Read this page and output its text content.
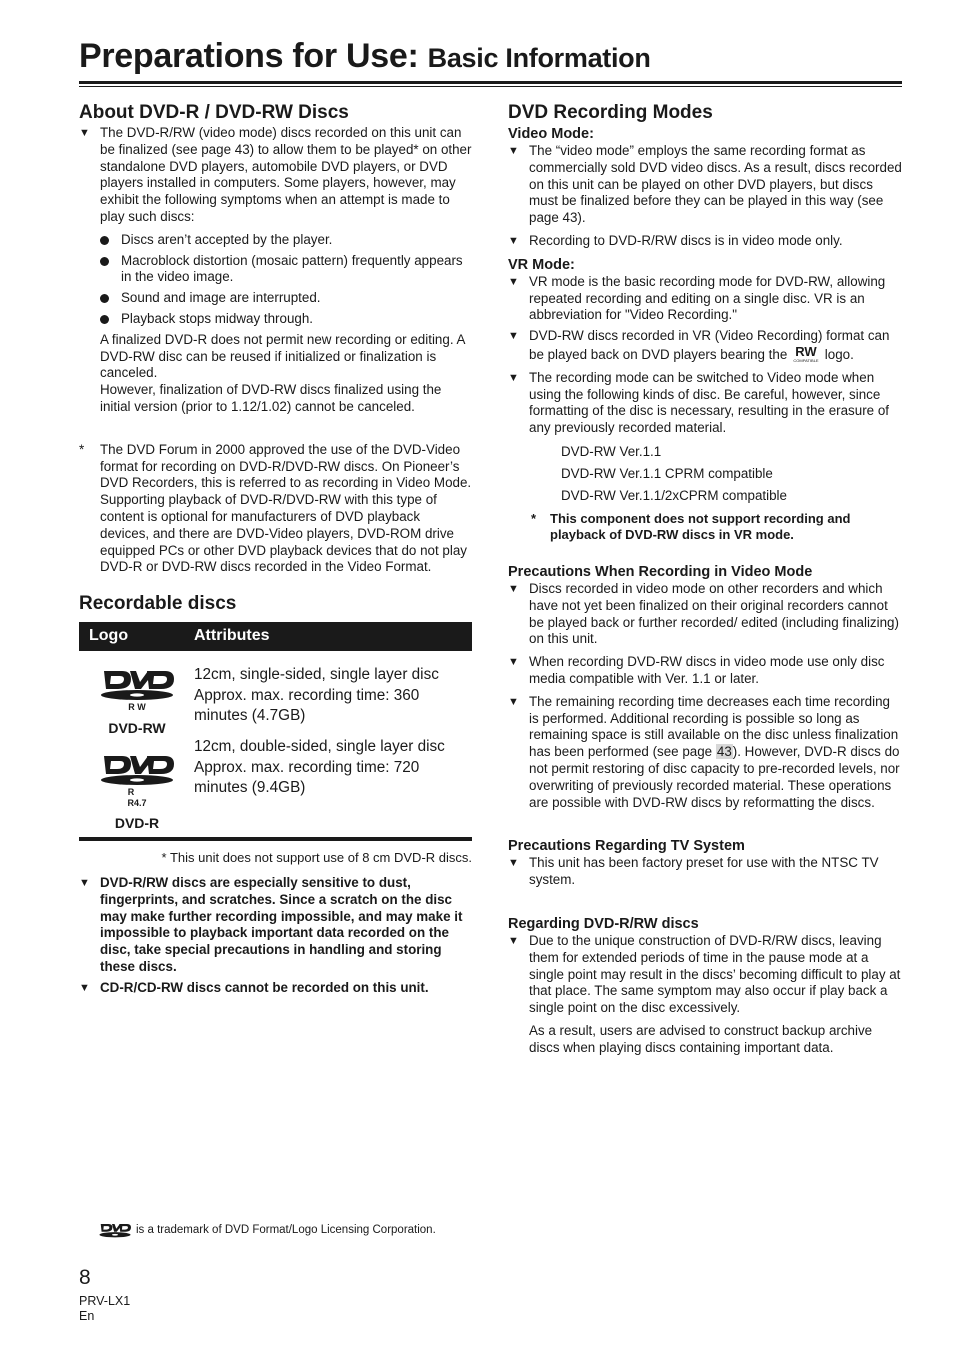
Preparations for Use: Basic Information
About DVD-R / DVD-RW Discs

▼ The DVD-R/RW (video mode) discs recorded on this unit can be finalized (see page 43) to allow them to be played* on other standalone DVD players, automobile DVD players, or DVD players installed in computers. Some players, however, may exhibit the following symptoms when an attempt is made to play such discs:

Discs aren’t accepted by the player.

Macroblock distortion (mosaic pattern) frequently appears in the video image.

Sound and image are interrupted.

Playback stops midway through.

A finalized DVD-R does not permit new recording or editing. A DVD-RW disc can be reused if initialized or finalization is canceled.

However, finalization of DVD-RW discs finalized using the initial version (prior to 1.12/1.02) cannot be canceled.

* The DVD Forum in 2000 approved the use of the DVD-Video format for recording on DVD-R/DVD-RW discs. On Pioneer’s DVD Recorders, this is referred to as recording in Video Mode. Supporting playback of DVD-R/DVD-RW with this type of content is optional for manufacturers of DVD playback devices, and there are DVD-Video players, DVD-ROM drive equipped PCs or other DVD playback devices that do not play DVD-R or DVD-RW discs recorded in the Video Format.

Recordable discs
Logo	Attributes
R W
DVD-RW
R
R4.7
DVD-R
12cm, single-sided, single layer disc Approx. max. recording time: 360 minutes (4.7GB)
12cm, double-sided, single layer disc Approx. max. recording time: 720 minutes (9.4GB)
* This unit does not support use of 8 cm DVD-R discs.

▼ DVD-R/RW discs are especially sensitive to dust, fingerprints, and scratches. Since a scratch on the disc may make further recording impossible, and may make it impossible to playback important data recorded on the disc, take special precautions in handling and storing these discs.

▼ CD-R/CD-RW discs cannot be recorded on this unit.

DVD Recording Modes
Video Mode:

▼ The “video mode” employs the same recording format as commercially sold DVD video discs. As a result, discs recorded on this unit can be played on other DVD players, but discs must be finalized before they can be played in this way (see page 43).

▼ Recording to DVD-R/RW discs is in video mode only.

VR Mode:

▼ VR mode is the basic recording mode for DVD-RW, allowing repeated recording and editing on a single disc. VR is an abbreviation for "Video Recording."

▼ DVD-RW discs recorded in VR (Video Recording) format can be played back on DVD players bearing the RW
COMPATIBLE logo.

▼ The recording mode can be switched to Video mode when using the following kinds of disc. Be careful, however, since formatting of the disc is necessary, resulting in the erasure of any previously recorded material.

DVD-RW Ver.1.1

DVD-RW Ver.1.1 CPRM compatible

DVD-RW Ver.1.1/2xCPRM compatible

* This component does not support recording and playback of DVD-RW discs in VR mode.

Precautions When Recording in Video Mode

▼ Discs recorded in video mode on other recorders and which have not yet been finalized on their original recorders cannot be played back or further recorded/ edited (including finalizing) on this unit.

▼ When recording DVD-RW discs in video mode use only disc media compatible with Ver. 1.1 or later.

▼ The remaining recording time decreases each time recording is performed. Additional recording is possible so long as remaining space is still available on the disc unless finalization has been performed (see page 43). However, DVD-R discs do not permit restoring of disc capacity to pre-recorded levels, nor overwriting of previously recorded material. These operations are possible with DVD-RW discs by reformatting the discs.

Precautions Regarding TV System

▼ This unit has been factory preset for use with the NTSC TV system.

Regarding DVD-R/RW discs

▼ Due to the unique construction of DVD-R/RW discs, leaving them for extended periods of time in the pause mode at a single point may result in the discs’ becoming difficult to play at that place. The same symptom may also occur if play back a single point on the disc excessively.

As a result, users are advised to construct backup archive discs when playing discs containing important data.

is a trademark of DVD Format/Logo Licensing Corporation.
8
PRV-LX1
En
